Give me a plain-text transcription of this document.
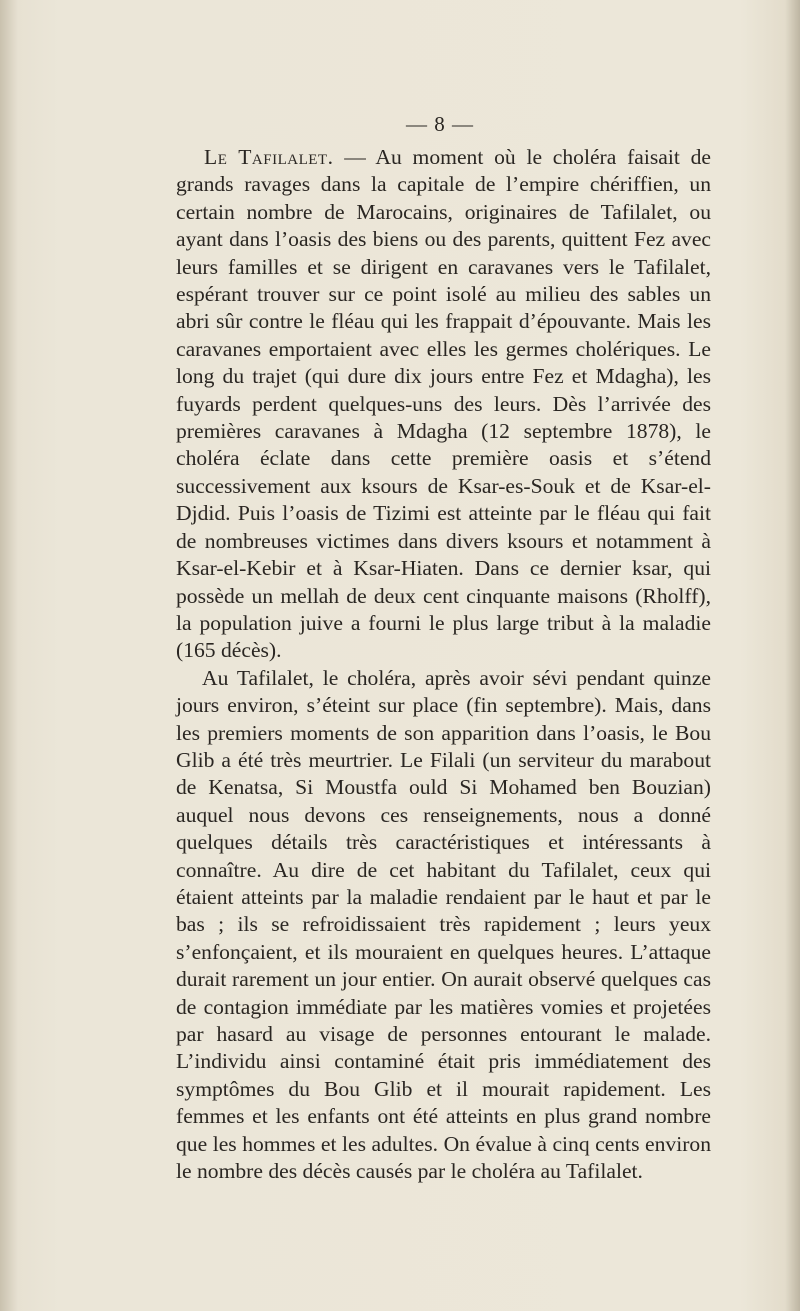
— 8 —

Le Tafilalet. — Au moment où le choléra faisait de grands ravages dans la capitale de l’empire chériffien, un certain nombre de Marocains, originaires de Tafilalet, ou ayant dans l’oasis des biens ou des parents, quittent Fez avec leurs familles et se dirigent en caravanes vers le Tafilalet, espérant trouver sur ce point isolé au milieu des sables un abri sûr contre le fléau qui les frappait d’épouvante. Mais les caravanes emportaient avec elles les germes cholériques. Le long du trajet (qui dure dix jours entre Fez et Mdagha), les fuyards perdent quelques-uns des leurs. Dès l’arrivée des premières caravanes à Mdagha (12 septembre 1878), le choléra éclate dans cette première oasis et s’étend successivement aux ksours de Ksar-es-Souk et de Ksar-el-Djdid. Puis l’oasis de Tizimi est atteinte par le fléau qui fait de nombreuses victimes dans divers ksours et notamment à Ksar-el-Kebir et à Ksar-Hiaten. Dans ce dernier ksar, qui possède un mellah de deux cent cinquante maisons (Rholff), la population juive a fourni le plus large tribut à la maladie (165 décès).

Au Tafilalet, le choléra, après avoir sévi pendant quinze jours environ, s’éteint sur place (fin septembre). Mais, dans les premiers moments de son apparition dans l’oasis, le Bou Glib a été très meurtrier. Le Filali (un serviteur du marabout de Kenatsa, Si Moustfa ould Si Mohamed ben Bouzian) auquel nous devons ces renseignements, nous a donné quelques détails très caractéristiques et intéressants à connaître. Au dire de cet habitant du Tafilalet, ceux qui étaient atteints par la maladie rendaient par le haut et par le bas ; ils se refroidissaient très rapidement ; leurs yeux s’enfonçaient, et ils mouraient en quelques heures. L’attaque durait rarement un jour entier. On aurait observé quelques cas de contagion immédiate par les matières vomies et projetées par hasard au visage de personnes entourant le malade. L’individu ainsi contaminé était pris immédiatement des symptômes du Bou Glib et il mourait rapidement. Les femmes et les enfants ont été atteints en plus grand nombre que les hommes et les adultes. On évalue à cinq cents environ le nombre des décès causés par le choléra au Tafilalet.
